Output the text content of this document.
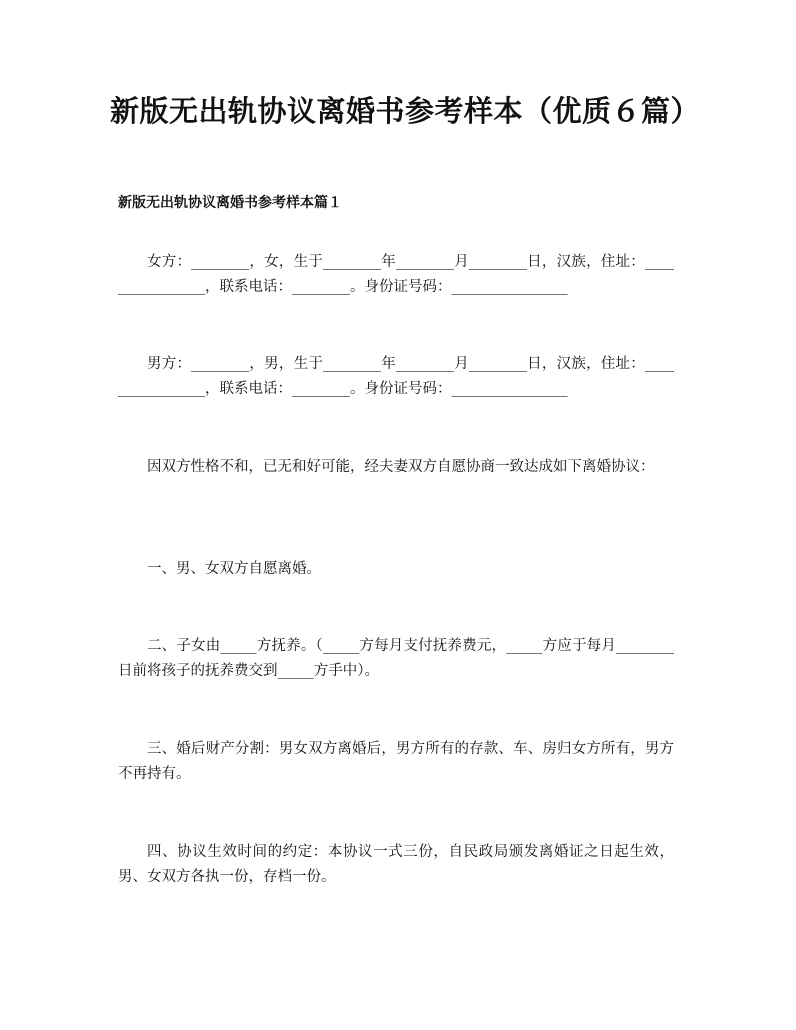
新版无出轨协议离婚书参考样本（优质６篇）
新版无出轨协议离婚书参考样本篇１

女方：________，女，生于________年________月________日，汉族，住址：________________，联系电话：________。身份证号码：________________

男方：________，男，生于________年________月________日，汉族，住址：________________，联系电话：________。身份证号码：________________

因双方性格不和，已无和好可能，经夫妻双方自愿协商一致达成如下离婚协议：

一、男、女双方自愿离婚。

二、子女由_____方抚养。（_____方每月支付抚养费元，_____方应于每月________日前将孩子的抚养费交到_____方手中）。

三、婚后财产分割：男女双方离婚后，男方所有的存款、车、房归女方所有，男方不再持有。

四、协议生效时间的约定：本协议一式三份，自民政局颁发离婚证之日起生效，男、女双方各执一份，存档一份。
